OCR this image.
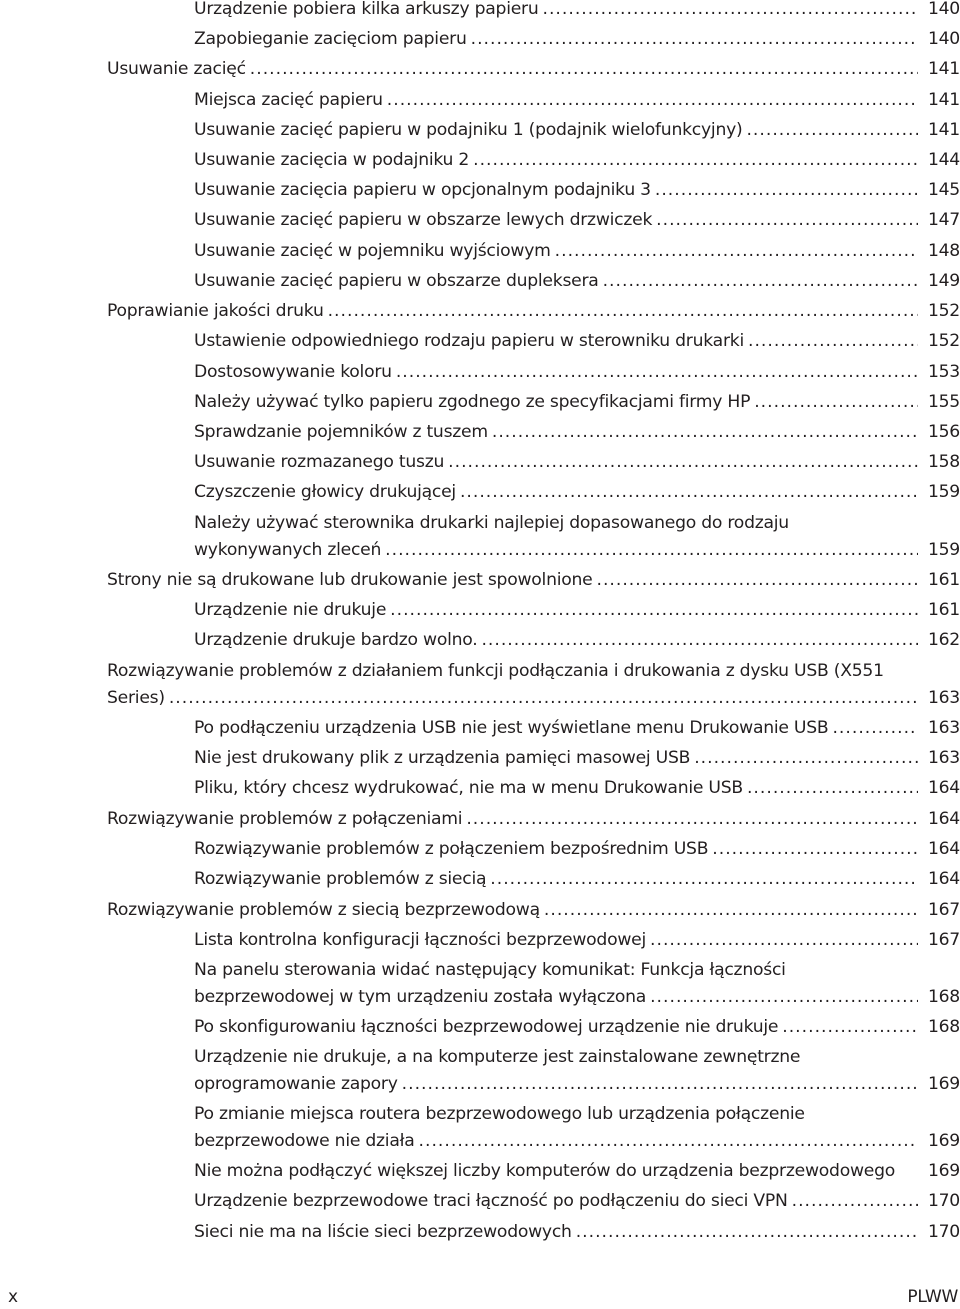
Urządzenie pobiera kilka arkuszy papieru .....	140
Zapobieganie zacięciom papieru .....	140
Usuwanie zacięć .....	141
Miejsca zacięć papieru .....	141
Usuwanie zacięć papieru w podajniku 1 (podajnik wielofunkcyjny) .....	141
Usuwanie zacięcia w podajniku 2 .....	144
Usuwanie zacięcia papieru w opcjonalnym podajniku 3 .....	145
Usuwanie zacięć papieru w obszarze lewych drzwiczek .....	147
Usuwanie zacięć w pojemniku wyjściowym .....	148
Usuwanie zacięć papieru w obszarze dupleksera .....	149
Poprawianie jakości druku .....	152
Ustawienie odpowiedniego rodzaju papieru w sterowniku drukarki .....	152
Dostosowywanie koloru .....	153
Należy używać tylko papieru zgodnego ze specyfikacjami firmy HP .....	155
Sprawdzanie pojemników z tuszem .....	156
Usuwanie rozmazanego tuszu .....	158
Czyszczenie głowicy drukującej .....	159
Należy używać sterownika drukarki najlepiej dopasowanego do rodzaju
wykonywanych zleceń .....	159
Strony nie są drukowane lub drukowanie jest spowolnione .....	161
Urządzenie nie drukuje .....	161
Urządzenie drukuje bardzo wolno. .....	162
Rozwiązywanie problemów z działaniem funkcji podłączania i drukowania z dysku USB (X551
Series) .....	163
Po podłączeniu urządzenia USB nie jest wyświetlane menu Drukowanie USB .....	163
Nie jest drukowany plik z urządzenia pamięci masowej USB .....	163
Pliku, który chcesz wydrukować, nie ma w menu Drukowanie USB .....	164
Rozwiązywanie problemów z połączeniami .....	164
Rozwiązywanie problemów z połączeniem bezpośrednim USB .....	164
Rozwiązywanie problemów z siecią .....	164
Rozwiązywanie problemów z siecią bezprzewodową .....	167
Lista kontrolna konfiguracji łączności bezprzewodowej .....	167
Na panelu sterowania widać następujący komunikat: Funkcja łączności
bezprzewodowej w tym urządzeniu została wyłączona .....	168
Po skonfigurowaniu łączności bezprzewodowej urządzenie nie drukuje .....	168
Urządzenie nie drukuje, a na komputerze jest zainstalowane zewnętrzne
oprogramowanie zapory .....	169
Po zmianie miejsca routera bezprzewodowego lub urządzenia połączenie
bezprzewodowe nie działa .....	169
Nie można podłączyć większej liczby komputerów do urządzenia bezprzewodowego 169
Urządzenie bezprzewodowe traci łączność po podłączeniu do sieci VPN .....	170
Sieci nie ma na liście sieci bezprzewodowych .....	170
x	PLWW
